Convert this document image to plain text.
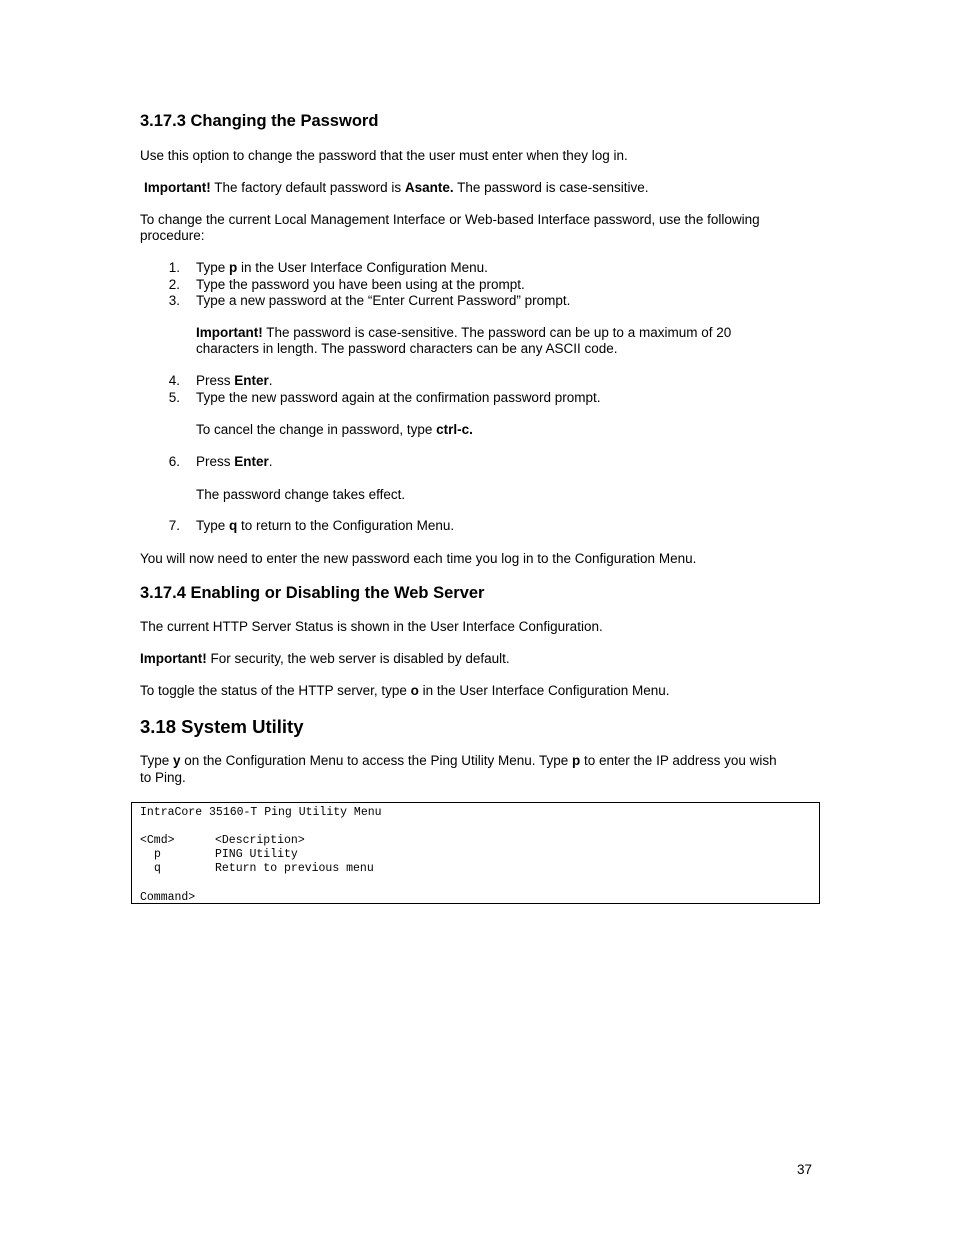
3.17.3 Changing the Password
Use this option to change the password that the user must enter when they log in.
Important! The factory default password is Asante. The password is case-sensitive.
To change the current Local Management Interface or Web-based Interface password, use the following
procedure:
1. Type p in the User Interface Configuration Menu.
2. Type the password you have been using at the prompt.
3. Type a new password at the “Enter Current Password” prompt.
Important! The password is case-sensitive. The password can be up to a maximum of 20
characters in length. The password characters can be any ASCII code.
4. Press Enter.
5. Type the new password again at the confirmation password prompt.
To cancel the change in password, type ctrl-c.
6. Press Enter.
The password change takes effect.
7. Type q to return to the Configuration Menu.
You will now need to enter the new password each time you log in to the Configuration Menu.
3.17.4 Enabling or Disabling the Web Server
The current HTTP Server Status is shown in the User Interface Configuration.
Important! For security, the web server is disabled by default.
To toggle the status of the HTTP server, type o in the User Interface Configuration Menu.
3.18 System Utility
Type y on the Configuration Menu to access the Ping Utility Menu. Type p to enter the IP address you wish
to Ping.
IntraCore 35160-T Ping Utility Menu
<Cmd>	<Description>
p	PING Utility
q	Return to previous menu
Command>
37
